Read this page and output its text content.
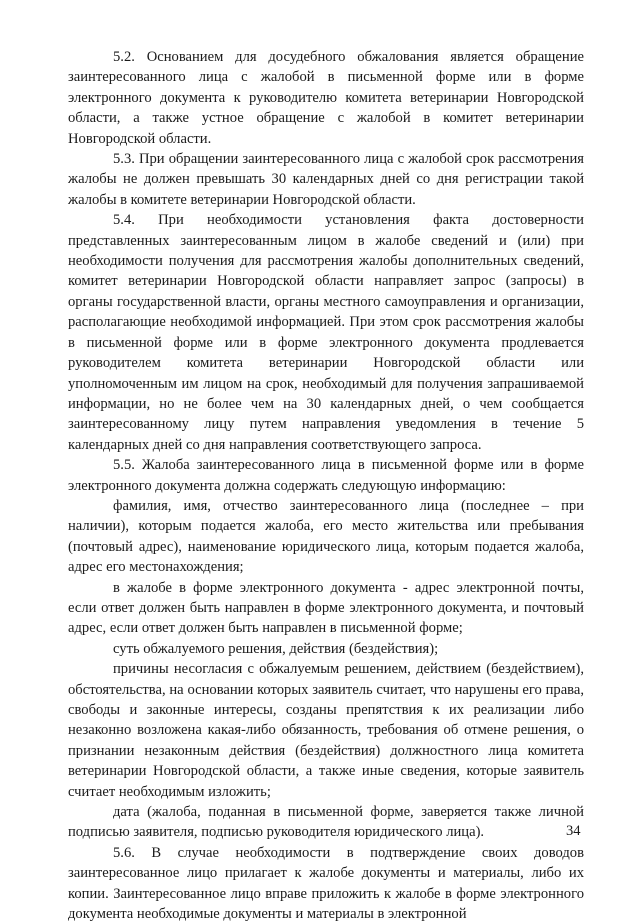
5.2. Основанием для досудебного обжалования является обращение заинтересованного лица с жалобой в письменной форме или в форме электронного документа к руководителю комитета ветеринарии Новгородской области, а также устное обращение с жалобой в комитет ветеринарии Новгородской области.

5.3. При обращении заинтересованного лица с жалобой срок рассмотрения жалобы не должен превышать 30 календарных дней со дня регистрации такой жалобы в комитете ветеринарии Новгородской области.

5.4. При необходимости установления факта достоверности представленных заинтересованным лицом в жалобе сведений и (или) при необходимости получения для рассмотрения жалобы дополнительных сведений, комитет ветеринарии Новгородской области направляет запрос (запросы) в органы государственной власти, органы местного самоуправления и организации, располагающие необходимой информацией. При этом срок рассмотрения жалобы в письменной форме или в форме электронного документа продлевается руководителем комитета ветеринарии Новгородской области или уполномоченным им лицом на срок, необходимый для получения запрашиваемой информации, но не более чем на 30 календарных дней, о чем сообщается заинтересованному лицу путем направления уведомления в течение 5 календарных дней со дня направления соответствующего запроса.

5.5. Жалоба заинтересованного лица в письменной форме или в форме электронного документа должна содержать следующую информацию:

фамилия, имя, отчество заинтересованного лица (последнее – при наличии), которым подается жалоба, его место жительства или пребывания (почтовый адрес), наименование юридического лица, которым подается жалоба, адрес его местонахождения;

в жалобе в форме электронного документа - адрес электронной почты, если ответ должен быть направлен в форме электронного документа, и почтовый адрес, если ответ должен быть направлен в письменной форме;

суть обжалуемого решения, действия (бездействия);

причины несогласия с обжалуемым решением, действием (бездействием), обстоятельства, на основании которых заявитель считает, что нарушены его права, свободы и законные интересы, созданы препятствия к их реализации либо незаконно возложена какая-либо обязанность, требования об отмене решения, о признании незаконным действия (бездействия) должностного лица комитета ветеринарии Новгородской области, а также иные сведения, которые заявитель считает необходимым изложить;

дата (жалоба, поданная в письменной форме, заверяется также личной подписью заявителя, подписью руководителя юридического лица).

5.6. В случае необходимости в подтверждение своих доводов заинтересованное лицо прилагает к жалобе документы и материалы, либо их копии. Заинтересованное лицо вправе приложить к жалобе в форме электронного документа необходимые документы и материалы в электронной

34
